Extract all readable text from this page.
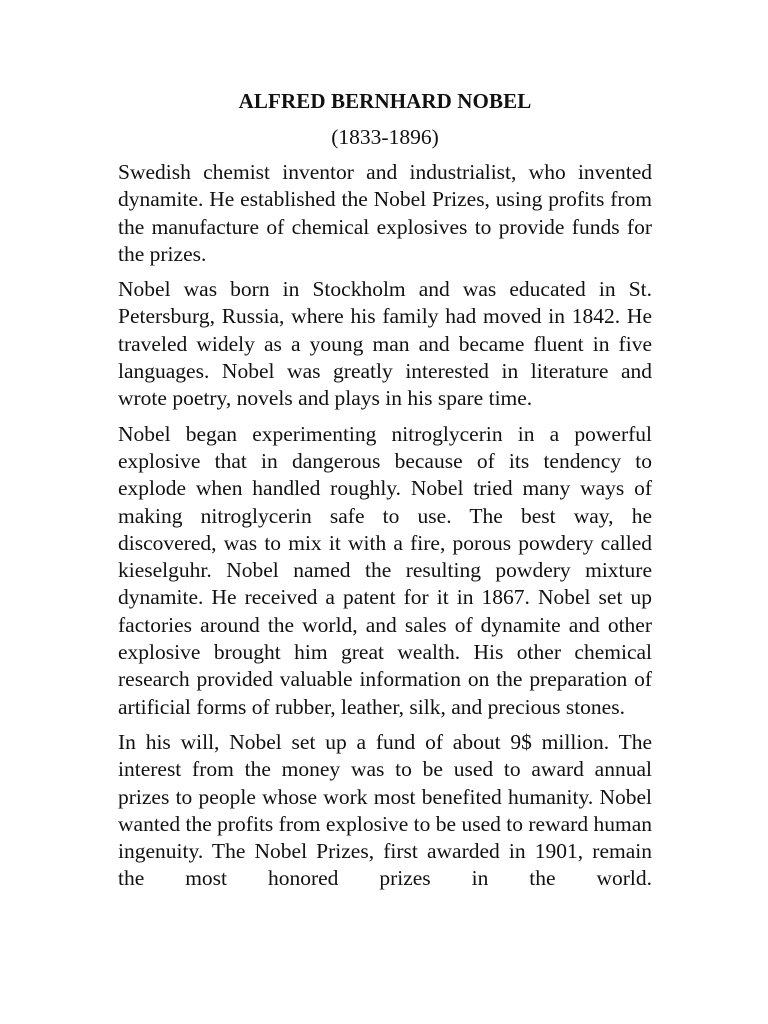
ALFRED BERNHARD NOBEL
(1833-1896)

Swedish chemist inventor and industrialist, who invented dynamite. He established the Nobel Prizes, using profits from the manufacture of chemical explosives to provide funds for the prizes.

Nobel was born in Stockholm and was educated in St. Petersburg, Russia, where his family had moved in 1842. He traveled widely as a young man and became fluent in five languages. Nobel was greatly interested in literature and wrote poetry, novels and plays in his spare time.

Nobel began experimenting nitroglycerin in a powerful explosive that in dangerous because of its tendency to explode when handled roughly. Nobel tried many ways of making nitroglycerin safe to use. The best way, he discovered, was to mix it with a fire, porous powdery called kieselguhr. Nobel named the resulting powdery mixture dynamite. He received a patent for it in 1867. Nobel set up factories around the world, and sales of dynamite and other explosive brought him great wealth. His other chemical research provided valuable information on the preparation of artificial forms of rubber, leather, silk, and precious stones.

In his will, Nobel set up a fund of about 9$ million. The interest from the money was to be used to award annual prizes to people whose work most benefited humanity. Nobel wanted the profits from explosive to be used to reward human ingenuity. The Nobel Prizes, first awarded in 1901, remain the most honored prizes in the world.
